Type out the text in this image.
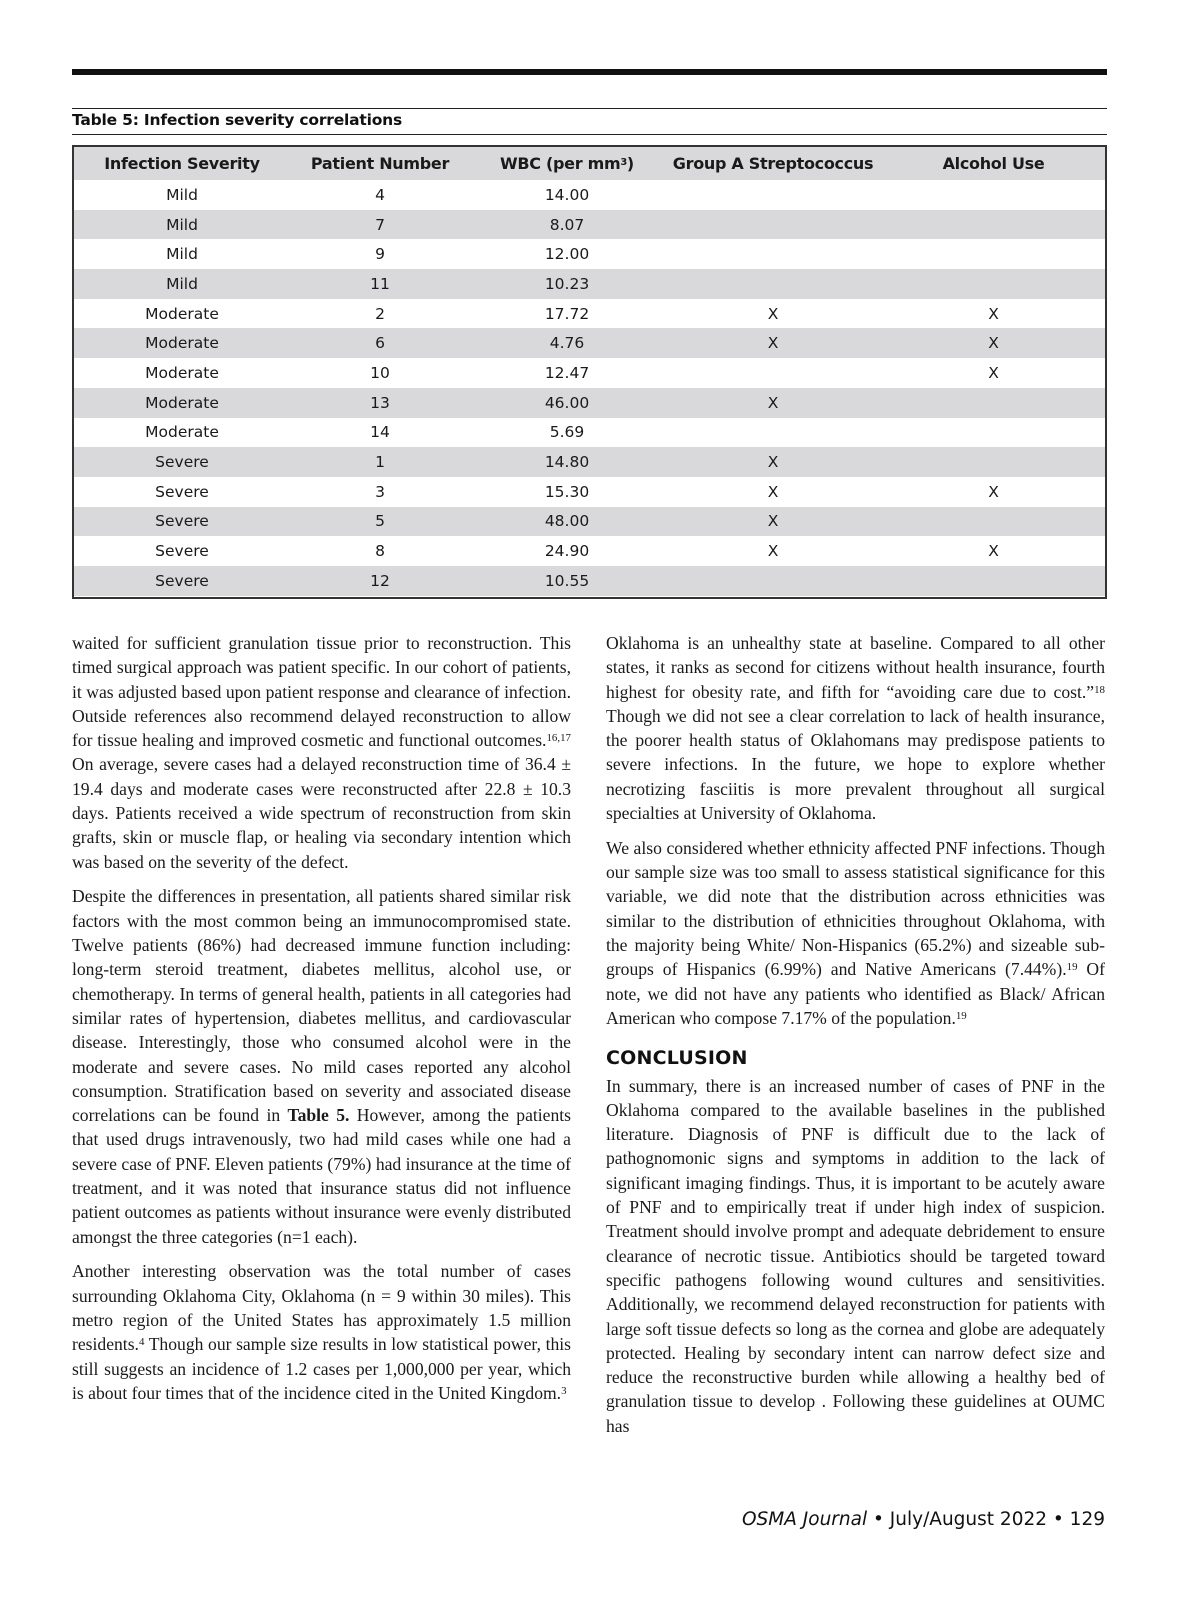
Table 5: Infection severity correlations
Infection Severity	Patient Number	WBC (per $mm^3$)	Group A Streptococcus	Alcohol Use
Mild	4	14.00		
Mild	7	8.07		
Mild	9	12.00		
Mild	11	10.23		
Moderate	2	17.72	X	X
Moderate	6	4.76	X	X
Moderate	10	12.47		X
Moderate	13	46.00	X	
Moderate	14	5.69		
Severe	1	14.80	X	
Severe	3	15.30	X	X
Severe	5	48.00	X	
Severe	8	24.90	X	X
Severe	12	10.55		

waited for sufficient granulation tissue prior to reconstruction. This timed surgical approach was patient specific. In our cohort of patients, it was adjusted based upon patient response and clearance of infection. Outside references also recommend delayed reconstruction to allow for tissue healing and improved cosmetic and functional outcomes.$^{16,17}$ On average, severe cases had a delayed reconstruction time of 36.4 ± 19.4 days and moderate cases were reconstructed after 22.8 ± 10.3 days. Patients received a wide spectrum of reconstruction from skin grafts, skin or muscle flap, or healing via secondary intention which was based on the severity of the defect.

Despite the differences in presentation, all patients shared similar risk factors with the most common being an immunocompromised state. Twelve patients (86%) had decreased immune function including: long-term steroid treatment, diabetes mellitus, alcohol use, or chemotherapy. In terms of general health, patients in all categories had similar rates of hypertension, diabetes mellitus, and cardiovascular disease. Interestingly, those who consumed alcohol were in the moderate and severe cases. No mild cases reported any alcohol consumption. Stratification based on severity and associated disease correlations can be found in Table 5. However, among the patients that used drugs intravenously, two had mild cases while one had a severe case of PNF. Eleven patients (79%) had insurance at the time of treatment, and it was noted that insurance status did not influence patient outcomes as patients without insurance were evenly distributed amongst the three categories (n=1 each).

Another interesting observation was the total number of cases surrounding Oklahoma City, Oklahoma (n = 9 within 30 miles). This metro region of the United States has approximately 1.5 million residents.$^4$ Though our sample size results in low statistical power, this still suggests an incidence of 1.2 cases per 1,000,000 per year, which is about four times that of the incidence cited in the United Kingdom.$^3$

Oklahoma is an unhealthy state at baseline. Compared to all other states, it ranks as second for citizens without health insurance, fourth highest for obesity rate, and fifth for “avoiding care due to cost.”$^{18}$ Though we did not see a clear correlation to lack of health insurance, the poorer health status of Oklahomans may predispose patients to severe infections. In the future, we hope to explore whether necrotizing fasciitis is more prevalent throughout all surgical specialties at University of Oklahoma.

We also considered whether ethnicity affected PNF infections. Though our sample size was too small to assess statistical significance for this variable, we did note that the distribution across ethnicities was similar to the distribution of ethnicities throughout Oklahoma, with the majority being White/ Non-Hispanics (65.2%) and sizeable sub-groups of Hispanics (6.99%) and Native Americans (7.44%).$^{19}$ Of note, we did not have any patients who identified as Black/ African American who compose 7.17% of the population.$^{19}$

CONCLUSION

In summary, there is an increased number of cases of PNF in the Oklahoma compared to the available baselines in the published literature. Diagnosis of PNF is difficult due to the lack of pathognomonic signs and symptoms in addition to the lack of significant imaging findings. Thus, it is important to be acutely aware of PNF and to empirically treat if under high index of suspicion. Treatment should involve prompt and adequate debridement to ensure clearance of necrotic tissue. Antibiotics should be targeted toward specific pathogens following wound cultures and sensitivities. Additionally, we recommend delayed reconstruction for patients with large soft tissue defects so long as the cornea and globe are adequately protected. Healing by secondary intent can narrow defect size and reduce the reconstructive burden while allowing a healthy bed of granulation tissue to develop . Following these guidelines at OUMC has

OSMA Journal • July/August 2022 • 129
